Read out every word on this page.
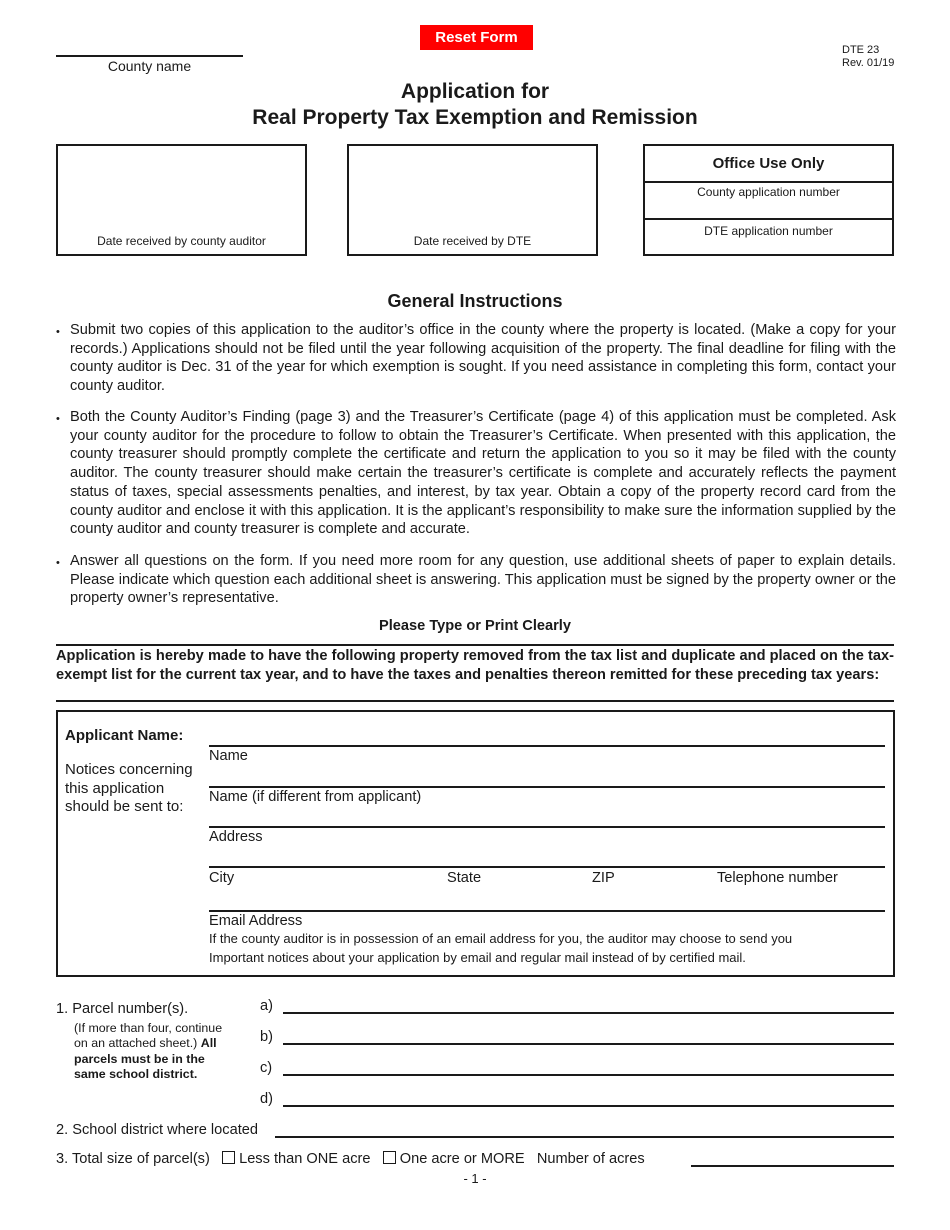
County name
Reset Form
DTE 23
Rev. 01/19
Application for
Real Property Tax Exemption and Remission
Date received by county auditor	Date received by DTE
Office Use Only
County application number
DTE application number
General Instructions
• Submit two copies of this application to the auditor’s office in the county where the property is located. (Make a copy for your records.) Applications should not be filed until the year following acquisition of the property. The final deadline for filing with the county auditor is Dec. 31 of the year for which exemption is sought. If you need assistance in completing this form, contact your county auditor.
• Both the County Auditor’s Finding (page 3) and the Treasurer’s Certificate (page 4) of this application must be completed. Ask your county auditor for the procedure to follow to obtain the Treasurer’s Certificate. When presented with this application, the county treasurer should promptly complete the certificate and return the application to you so it may be filed with the county auditor. The county treasurer should make certain the treasurer’s certificate is complete and accurately reflects the payment status of taxes, special assessments penalties, and interest, by tax year. Obtain a copy of the property record card from the county auditor and enclose it with this application. It is the applicant’s responsibility to make sure the information supplied by the county auditor and county treasurer is complete and accurate.
• Answer all questions on the form. If you need more room for any question, use additional sheets of paper to explain details. Please indicate which question each additional sheet is answering. This application must be signed by the property owner or the property owner’s representative.
Please Type or Print Clearly
Application is hereby made to have the following property removed from the tax list and duplicate and placed on the tax-exempt list for the current tax year, and to have the taxes and penalties thereon remitted for these preceding tax years:
Applicant Name:
Notices concerning this application should be sent to:
Name
Name (if different from applicant)
Address
City	State	ZIP	Telephone number
Email Address
If the county auditor is in possession of an email address for you, the auditor may choose to send you
Important notices about your application by email and regular mail instead of by certified mail.
1. Parcel number(s).
(If more than four, continue on an attached sheet.) All parcels must be in the same school district.
a)
b)
c)
d)
2. School district where located
3. Total size of parcel(s) Less than ONE acre One acre or MORE Number of acres
- 1 -
